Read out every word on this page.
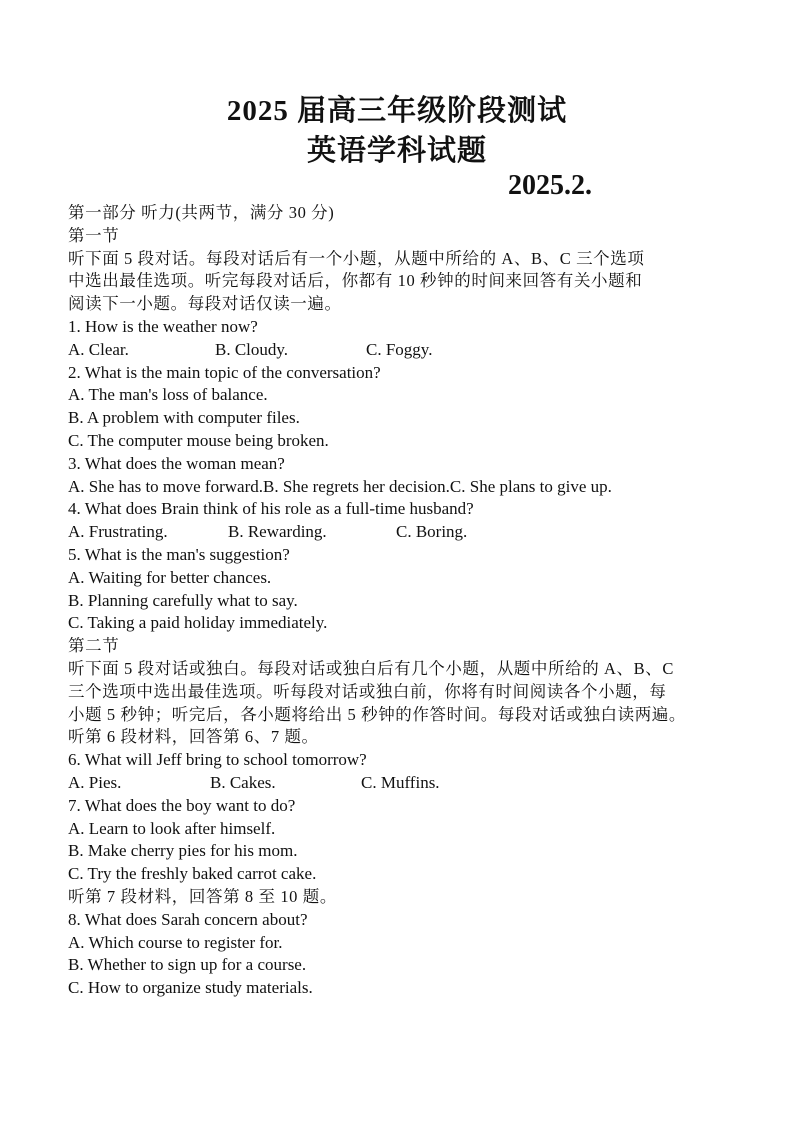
2025 届高三年级阶段测试
英语学科试题
2025.2.
第一部分 听力(共两节，满分 30 分)
第一节
听下面 5 段对话。每段对话后有一个小题，从题中所给的 A、B、C 三个选项
中选出最佳选项。听完每段对话后，你都有 10 秒钟的时间来回答有关小题和
阅读下一小题。每段对话仅读一遍。
1. How is the weather now?
A. Clear.	B. Cloudy.	C. Foggy.
2. What is the main topic of the conversation?
A. The man's loss of balance.
B. A problem with computer files.
C. The computer mouse being broken.
3. What does the woman mean?
A. She has to move forward.B. She regrets her decision.C. She plans to give up.
4. What does Brain think of his role as a full-time husband?
A. Frustrating.	B. Rewarding.	C. Boring.
5. What is the man's suggestion?
A. Waiting for better chances.
B. Planning carefully what to say.
C. Taking a paid holiday immediately.
第二节
听下面 5 段对话或独白。每段对话或独白后有几个小题，从题中所给的 A、B、C
三个选项中选出最佳选项。听每段对话或独白前，你将有时间阅读各个小题，每
小题 5 秒钟；听完后，各小题将给出 5 秒钟的作答时间。每段对话或独白读两遍。
听第 6 段材料，回答第 6、7 题。
6. What will Jeff bring to school tomorrow?
A. Pies.	B. Cakes.	C. Muffins.
7. What does the boy want to do?
A. Learn to look after himself.
B. Make cherry pies for his mom.
C. Try the freshly baked carrot cake.
听第 7 段材料，回答第 8 至 10 题。
8. What does Sarah concern about?
A. Which course to register for.
B. Whether to sign up for a course.
C. How to organize study materials.
